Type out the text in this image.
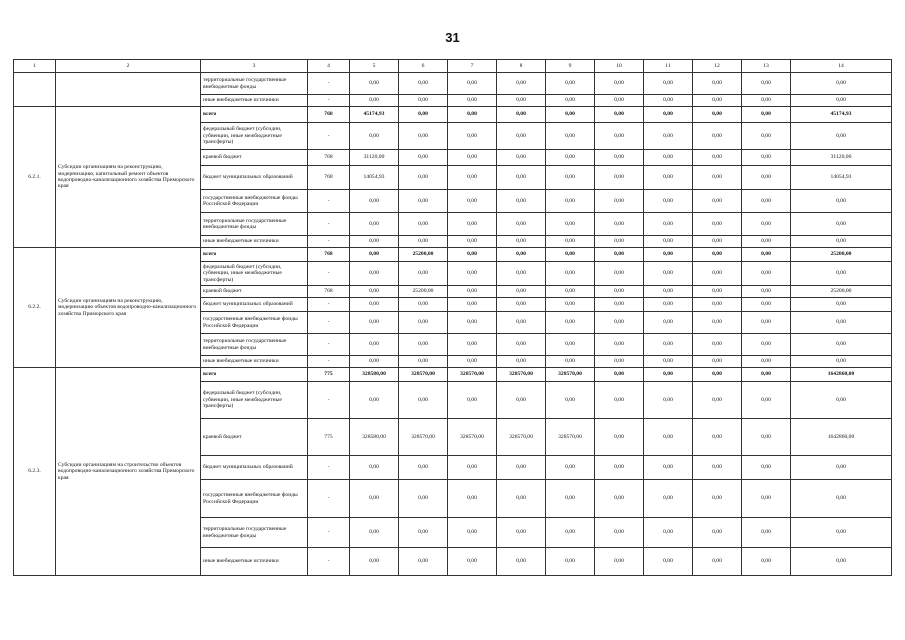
31
1	2	3	4	5	6	7	8	9	10	11	12	13	14
		территориальные государственные внебюджетные фонды	-	0,00	0,00	0,00	0,00	0,00	0,00	0,00	0,00	0,00	0,00
		иные внебюджетные источники	-	0,00	0,00	0,00	0,00	0,00	0,00	0,00	0,00	0,00	0,00
6.2.1.	Субсидии организациям на реконструкцию, модернизацию, капитальный ремонт объектов водопроводно-канализационного хозяйства Приморского края	всего	768	45174,93	0,00	0,00	0,00	0,00	0,00	0,00	0,00	0,00	45174,93
		федеральный бюджет (субсидии, субвенции, иные межбюджетные трансферты)	-	0,00	0,00	0,00	0,00	0,00	0,00	0,00	0,00	0,00	0,00
		краевой бюджет	768	31120,00	0,00	0,00	0,00	0,00	0,00	0,00	0,00	0,00	31120,00
		бюджет муниципальных образований	768	14054,93	0,00	0,00	0,00	0,00	0,00	0,00	0,00	0,00	14054,93
		государственные внебюджетные фонды Российской Федерации	-	0,00	0,00	0,00	0,00	0,00	0,00	0,00	0,00	0,00	0,00
		территориальные государственные внебюджетные фонды	-	0,00	0,00	0,00	0,00	0,00	0,00	0,00	0,00	0,00	0,00
		иные внебюджетные источники	-	0,00	0,00	0,00	0,00	0,00	0,00	0,00	0,00	0,00	0,00
6.2.2.	Субсидии организациям на реконструкцию, модернизацию объектов водопроводно-канализационного хозяйства Приморского края	всего	768	0,00	25200,00	0,00	0,00	0,00	0,00	0,00	0,00	0,00	25200,00
		федеральный бюджет (субсидии, субвенции, иные межбюджетные трансферты)	-	0,00	0,00	0,00	0,00	0,00	0,00	0,00	0,00	0,00	0,00
		краевой бюджет	768	0,00	25200,00	0,00	0,00	0,00	0,00	0,00	0,00	0,00	25200,00
		бюджет муниципальных образований	-	0,00	0,00	0,00	0,00	0,00	0,00	0,00	0,00	0,00	0,00
		государственные внебюджетные фонды Российской Федерации	-	0,00	0,00	0,00	0,00	0,00	0,00	0,00	0,00	0,00	0,00
		территориальные государственные внебюджетные фонды	-	0,00	0,00	0,00	0,00	0,00	0,00	0,00	0,00	0,00	0,00
		иные внебюджетные источники	-	0,00	0,00	0,00	0,00	0,00	0,00	0,00	0,00	0,00	0,00
6.2.3.	Субсидии организациям на строительство объектов водопроводно-канализационного хозяйства Приморского края	всего	775	328580,00	328570,00	328570,00	328570,00	328570,00	0,00	0,00	0,00	0,00	1642860,00
		федеральный бюджет (субсидии, субвенции, иные межбюджетные трансферты)	-	0,00	0,00	0,00	0,00	0,00	0,00	0,00	0,00	0,00	0,00
		краевой бюджет	775	328580,00	328570,00	328570,00	328570,00	328570,00	0,00	0,00	0,00	0,00	1642860,00
		бюджет муниципальных образований	-	0,00	0,00	0,00	0,00	0,00	0,00	0,00	0,00	0,00	0,00
		государственные внебюджетные фонды Российской Федерации	-	0,00	0,00	0,00	0,00	0,00	0,00	0,00	0,00	0,00	0,00
		территориальные государственные внебюджетные фонды	-	0,00	0,00	0,00	0,00	0,00	0,00	0,00	0,00	0,00	0,00
		иные внебюджетные источники	-	0,00	0,00	0,00	0,00	0,00	0,00	0,00	0,00	0,00	0,00
